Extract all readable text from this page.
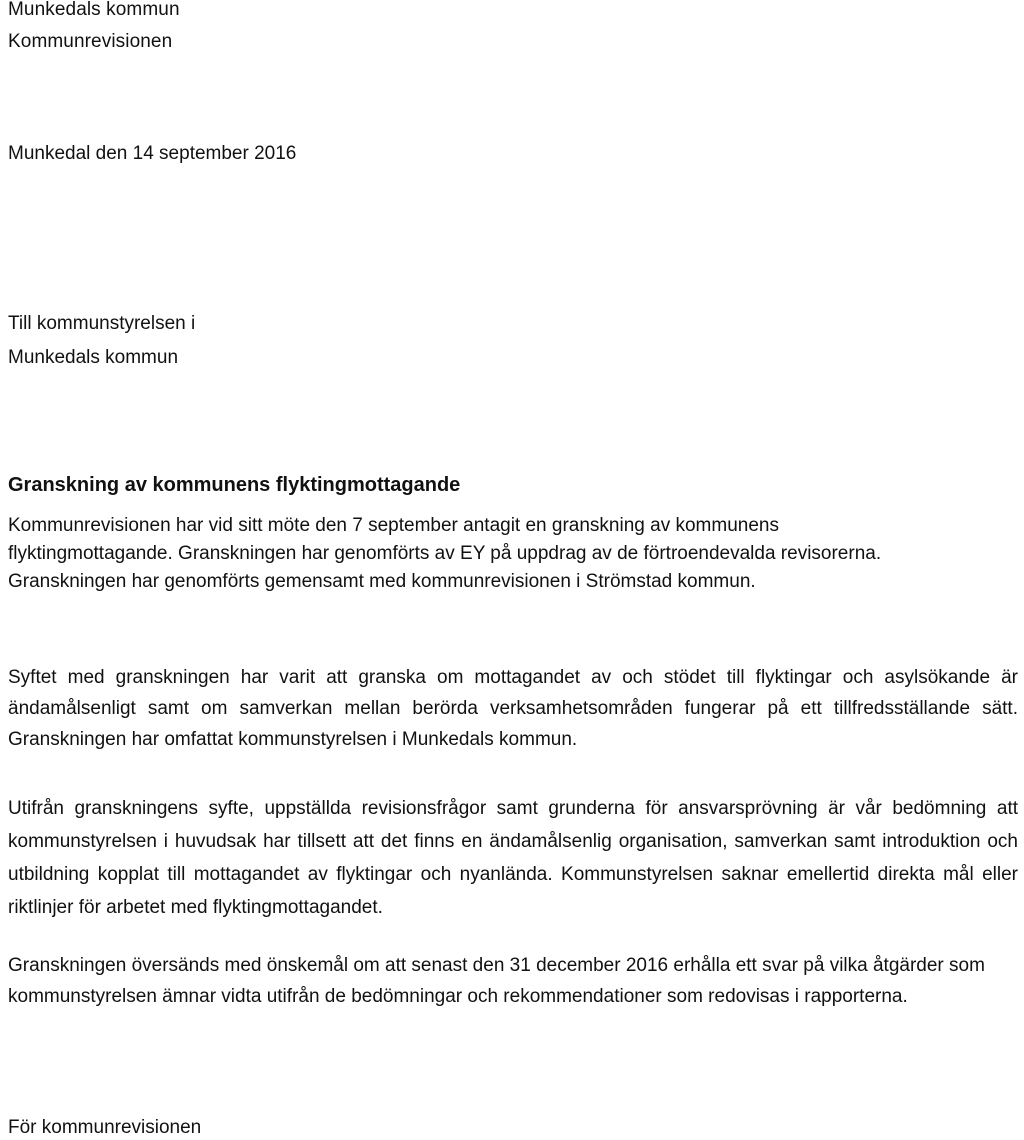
Munkedals kommun
Kommunrevisionen
Munkedal den 14 september 2016
Till kommunstyrelsen i
Munkedals kommun
Granskning av kommunens flyktingmottagande
Kommunrevisionen har vid sitt möte den 7 september antagit en granskning av kommunens flyktingmottagande. Granskningen har genomförts av EY på uppdrag av de förtroendevalda revisorerna. Granskningen har genomförts gemensamt med kommunrevisionen i Strömstad kommun.
Syftet med granskningen har varit att granska om mottagandet av och stödet till flyktingar och asylsökande är ändamålsenligt samt om samverkan mellan berörda verksamhetsområden fungerar på ett tillfredsställande sätt. Granskningen har omfattat kommunstyrelsen i Munkedals kommun.
Utifrån granskningens syfte, uppställda revisionsfrågor samt grunderna för ansvarsprövning är vår bedömning att kommunstyrelsen i huvudsak har tillsett att det finns en ändamålsenlig organisation, samverkan samt introduktion och utbildning kopplat till mottagandet av flyktingar och nyanlända. Kommunstyrelsen saknar emellertid direkta mål eller riktlinjer för arbetet med flyktingmottagandet.
Granskningen översänds med önskemål om att senast den 31 december 2016 erhålla ett svar på vilka åtgärder som kommunstyrelsen ämnar vidta utifrån de bedömningar och rekommendationer som redovisas i rapporterna.
För kommunrevisionen
